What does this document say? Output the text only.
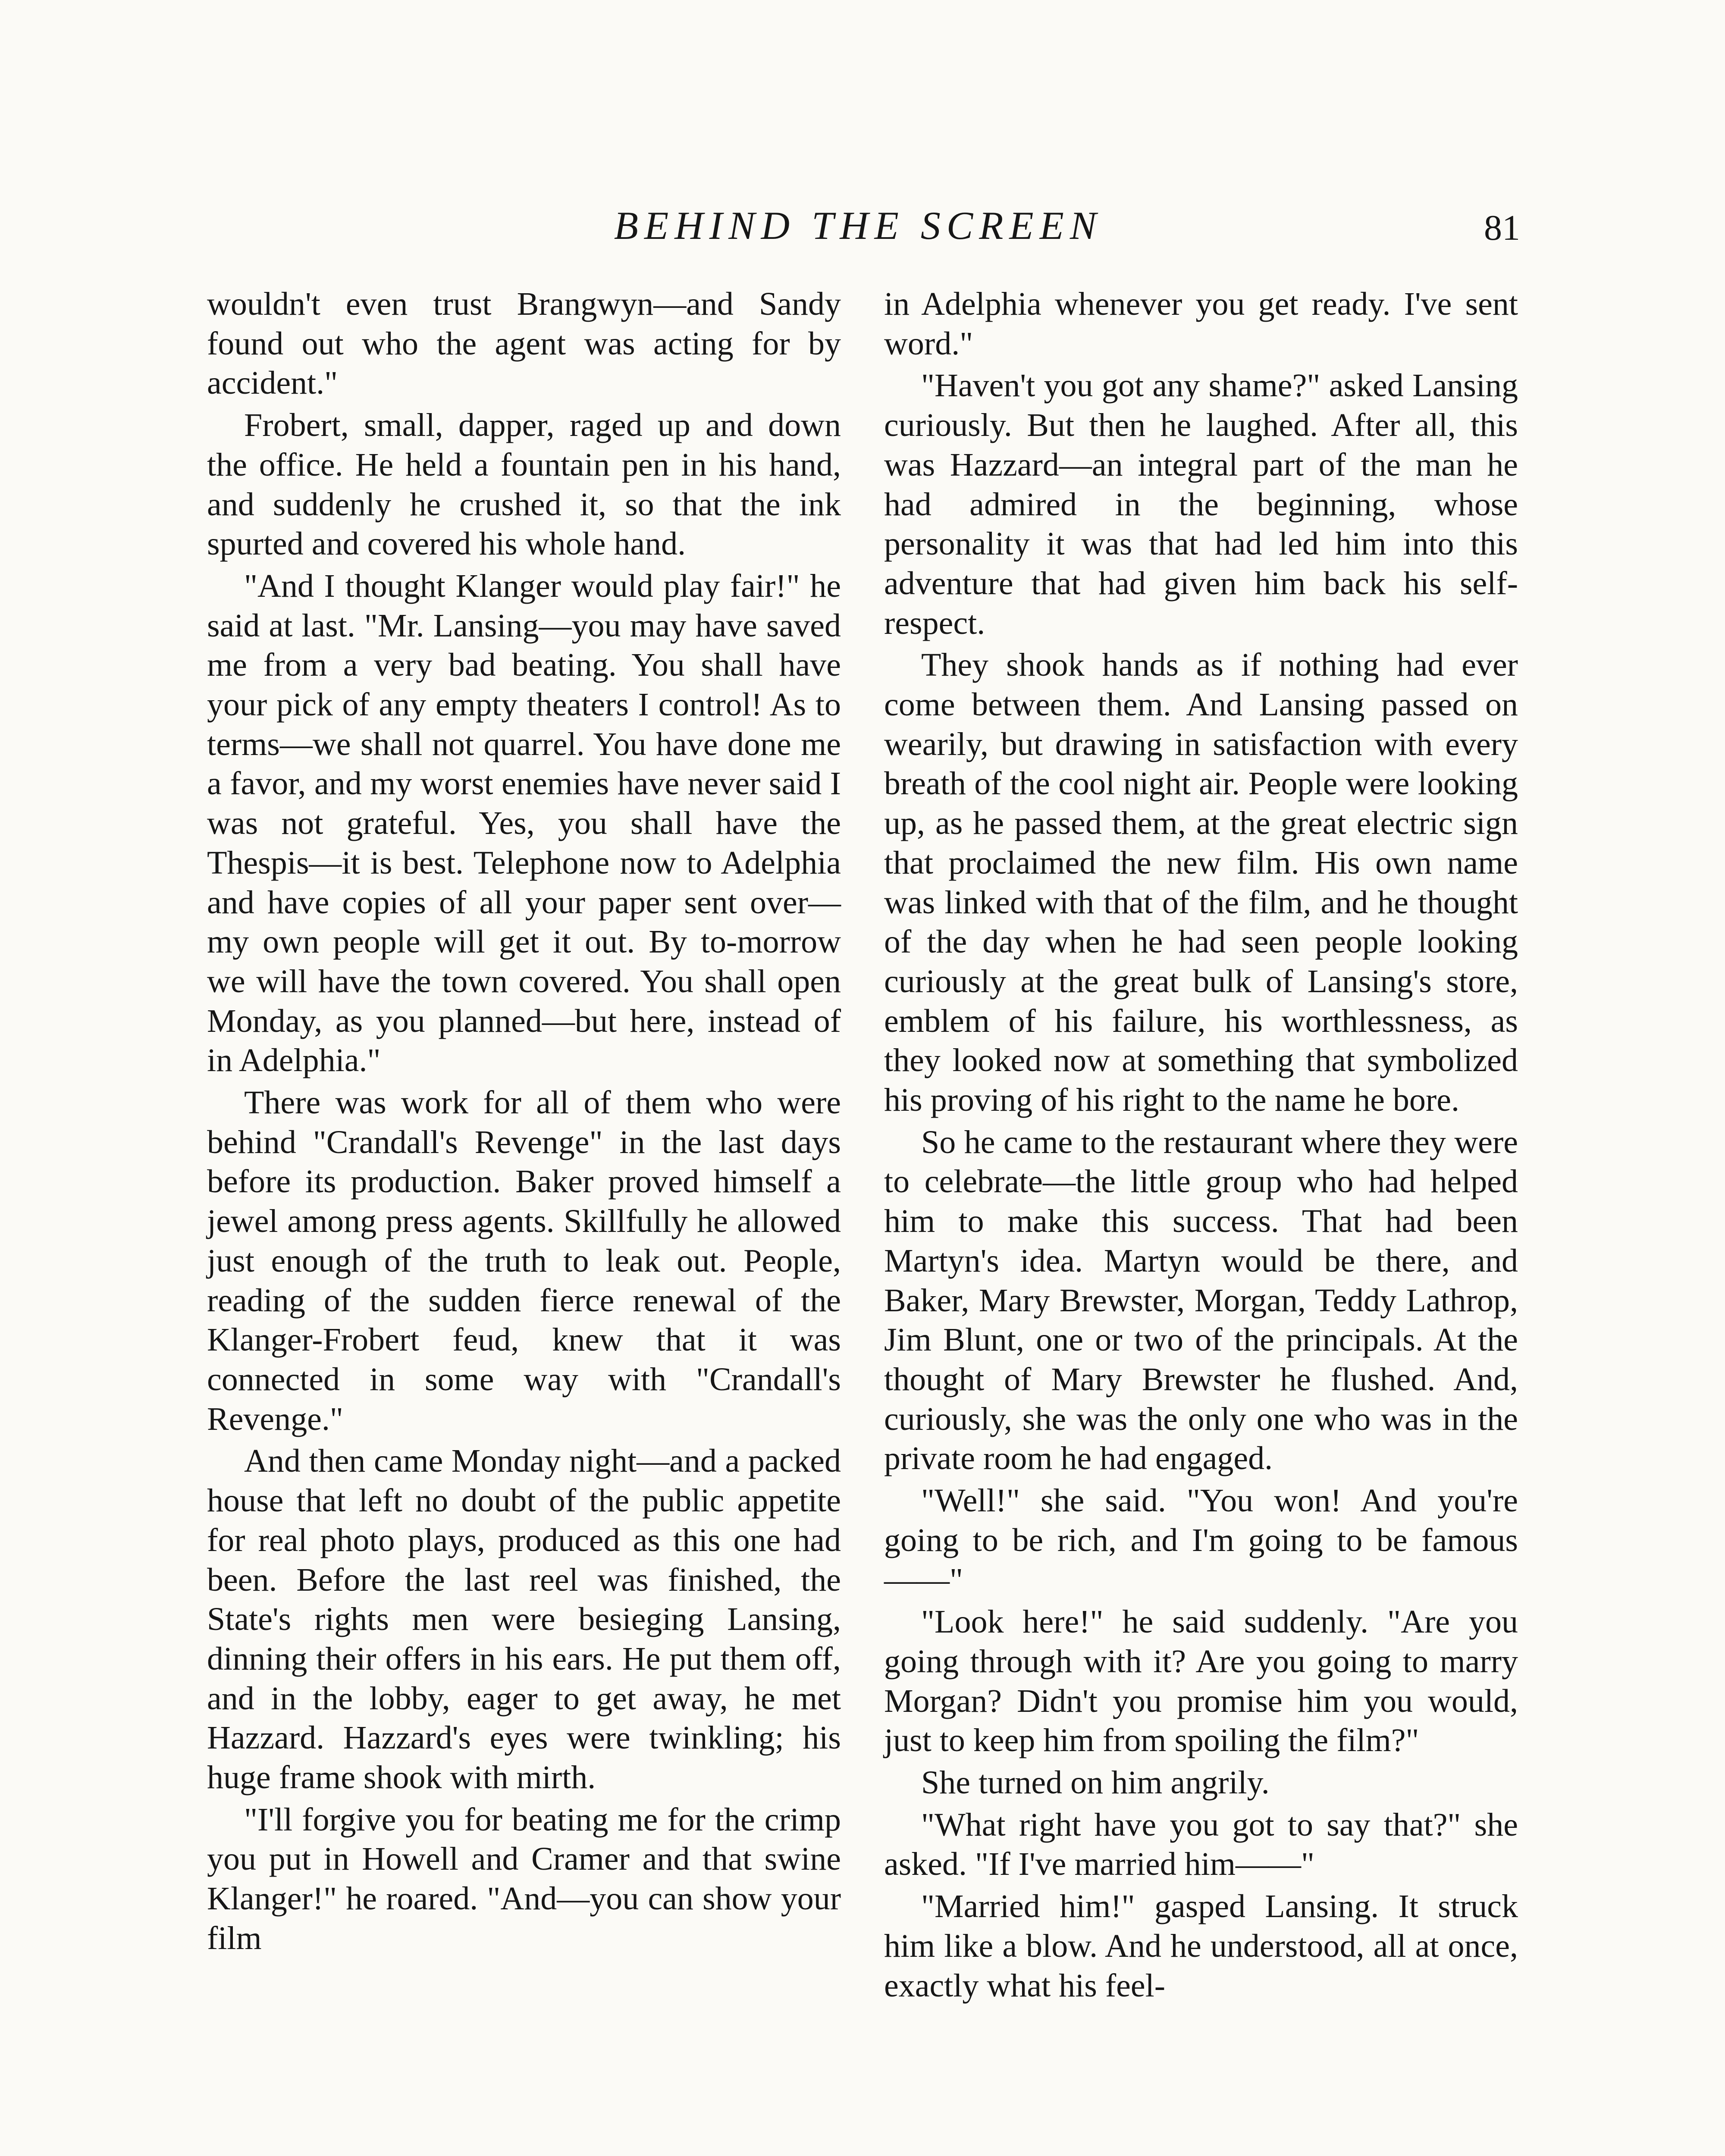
BEHIND THE SCREEN	81

wouldn't even trust Brangwyn—and Sandy found out who the agent was acting for by accident."

Frobert, small, dapper, raged up and down the office. He held a fountain pen in his hand, and suddenly he crushed it, so that the ink spurted and covered his whole hand.

"And I thought Klanger would play fair!" he said at last. "Mr. Lansing—you may have saved me from a very bad beating. You shall have your pick of any empty theaters I control! As to terms—we shall not quarrel. You have done me a favor, and my worst enemies have never said I was not grateful. Yes, you shall have the Thespis—it is best. Telephone now to Adelphia and have copies of all your paper sent over—my own people will get it out. By to-morrow we will have the town covered. You shall open Monday, as you planned—but here, instead of in Adelphia."

There was work for all of them who were behind "Crandall's Revenge" in the last days before its production. Baker proved himself a jewel among press agents. Skillfully he allowed just enough of the truth to leak out. People, reading of the sudden fierce renewal of the Klanger-Frobert feud, knew that it was connected in some way with "Crandall's Revenge."

And then came Monday night—and a packed house that left no doubt of the public appetite for real photo plays, produced as this one had been. Before the last reel was finished, the State's rights men were besieging Lansing, dinning their offers in his ears. He put them off, and in the lobby, eager to get away, he met Hazzard. Hazzard's eyes were twinkling; his huge frame shook with mirth.

"I'll forgive you for beating me for the crimp you put in Howell and Cramer and that swine Klanger!" he roared. "And—you can show your film

in Adelphia whenever you get ready. I've sent word."

"Haven't you got any shame?" asked Lansing curiously. But then he laughed. After all, this was Hazzard—an integral part of the man he had admired in the beginning, whose personality it was that had led him into this adventure that had given him back his self-respect.

They shook hands as if nothing had ever come between them. And Lansing passed on wearily, but drawing in satisfaction with every breath of the cool night air. People were looking up, as he passed them, at the great electric sign that proclaimed the new film. His own name was linked with that of the film, and he thought of the day when he had seen people looking curiously at the great bulk of Lansing's store, emblem of his failure, his worthlessness, as they looked now at something that symbolized his proving of his right to the name he bore.

So he came to the restaurant where they were to celebrate—the little group who had helped him to make this success. That had been Martyn's idea. Martyn would be there, and Baker, Mary Brewster, Morgan, Teddy Lathrop, Jim Blunt, one or two of the principals. At the thought of Mary Brewster he flushed. And, curiously, she was the only one who was in the private room he had engaged.

"Well!" she said. "You won! And you're going to be rich, and I'm going to be famous——"

"Look here!" he said suddenly. "Are you going through with it? Are you going to marry Morgan? Didn't you promise him you would, just to keep him from spoiling the film?"

She turned on him angrily.

"What right have you got to say that?" she asked. "If I've married him——"

"Married him!" gasped Lansing. It struck him like a blow. And he understood, all at once, exactly what his feel-
